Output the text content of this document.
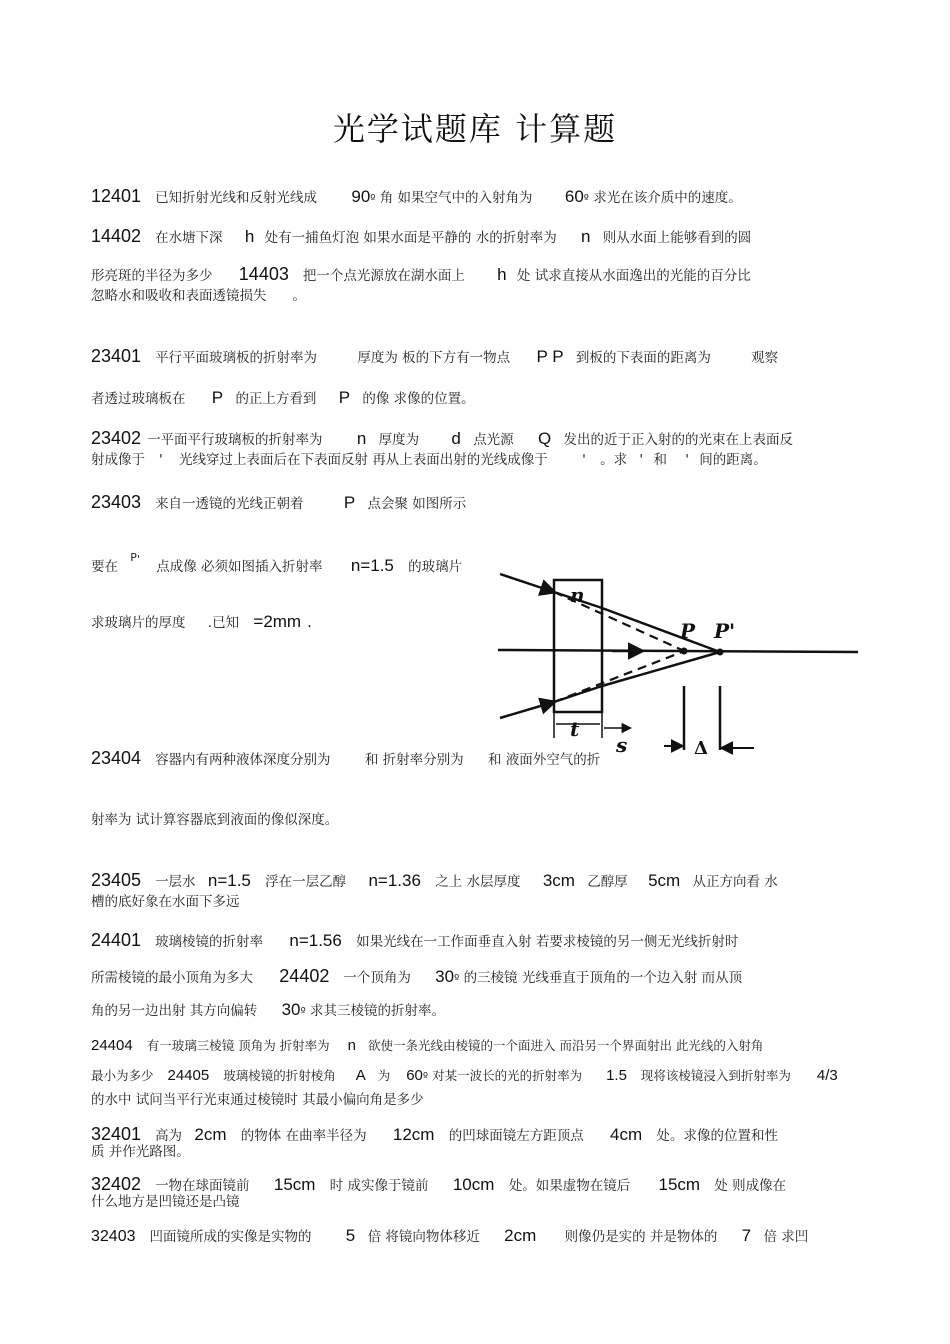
光学试题库 计算题
12401 已知折射光线和反射光线成 90º 角 如果空气中的入射角为 60º 求光在该介质中的速度。
14402 在水塘下深 h 处有一捕鱼灯泡 如果水面是平静的 水的折射率为 n 则从水面上能够看到的圆
形亮斑的半径为多少 14403 把一个点光源放在湖水面上 h 处 试求直接从水面逸出的光能的百分比
忽略水和吸收和表面透镜损失 。
23401 平行平面玻璃板的折射率为	厚度为 板的下方有一物点 P P 到板的下表面的距离为	观察
者透过玻璃板在 P 的正上方看到 P 的像 求像的位置。
23402 一平面平行玻璃板的折射率为 n 厚度为 d 点光源 Q 发出的近于正入射的的光束在上表面反
射成像于 ' 光线穿过上表面后在下表面反射 再从上表面出射的光线成像于	' 。求 ' 和 ' 间的距离。
23403 来自一透镜的光线正朝着 P 点会聚 如图所示
要在 $^{P'}$ 点成像 必须如图插入折射率 n=1.5 的玻璃片
求玻璃片的厚度 .已知 =2mm .
n
P P'
t
s	Δ
23404 容器内有两种液体深度分别为	和 折射率分别为 和 液面外空气的折
射率为 试计算容器底到液面的像似深度。
23405 一层水 n=1.5 浮在一层乙醇 n=1.36 之上 水层厚度 3cm 乙醇厚 5cm 从正方向看 水
槽的底好象在水面下多远
24401 玻璃棱镜的折射率 n=1.56 如果光线在一工作面垂直入射 若要求棱镜的另一侧无光线折射时
所需棱镜的最小顶角为多大 24402 一个顶角为 30º 的三棱镜 光线垂直于顶角的一个边入射 而从顶
角的另一边出射 其方向偏转 30º 求其三棱镜的折射率。
24404 有一玻璃三棱镜 顶角为 折射率为 n 欲使一条光线由棱镜的一个面进入 而沿另一个界面射出 此光线的入射角
最小为多少 24405 玻璃棱镜的折射棱角 A 为 60º 对某一波长的光的折射率为 1.5 现将该棱镜浸入到折射率为 4/3
的水中 试问当平行光束通过棱镜时 其最小偏向角是多少
32401 高为 2cm 的物体 在曲率半径为 12cm 的凹球面镜左方距顶点 4cm 处。求像的位置和性
质 并作光路图。
32402 一物在球面镜前 15cm 时 成实像于镜前 10cm 处。如果虚物在镜后 15cm 处 则成像在
什么地方是凹镜还是凸镜
32403 凹面镜所成的实像是实物的 5 倍 将镜向物体移近 2cm 则像仍是实的 并是物体的 7 倍 求凹
